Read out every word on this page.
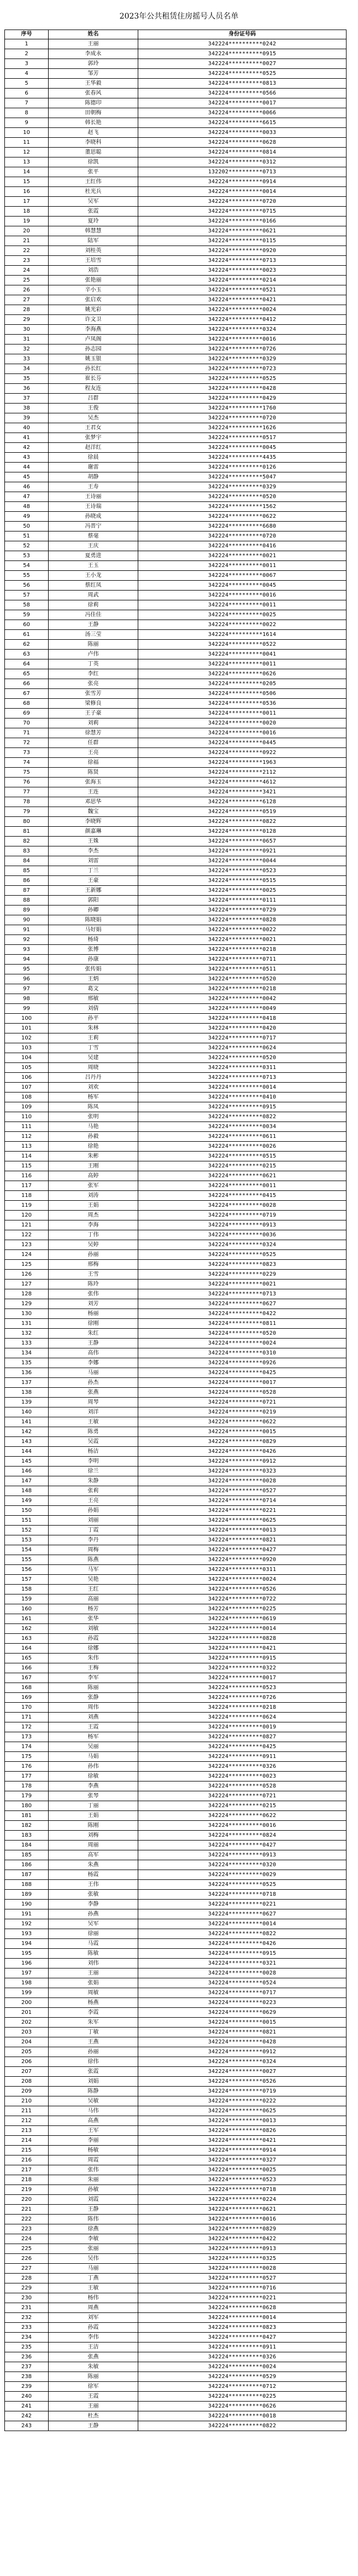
2023年公共租赁住房摇号人员名单
序号	姓名	身份证号码
1	王丽	342224**********0242
2	李成永	342224**********0915
3	郭玲	342224**********0027
4	邹芳	342224**********0525
5	王华毅	342224**********0813
6	张春风	342224**********0566
7	陈德印	342224**********0017
8	田朝梅	342224**********0066
9	韩长艳	342224**********6615
10	赵飞	342224**********0033
11	李晓科	342224**********0628
12	董思聪	342224**********0814
13	徐凯	342224**********0312
14	张平	132202**********0713
15	王红伟	342224**********0914
16	杜光兵	342224**********0014
17	吴军	342224**********0720
18	张霞	342224**********0715
19	夏玲	342224**********0166
20	韩慧慧	342224**********0621
21	陆军	342224**********0115
22	刘桂英	342224**********0920
23	王培雪	342224**********0713
24	刘浩	342224**********0023
25	张艳丽	342224**********0214
26	辛小玉	342224**********0521
27	张启欢	342224**********0421
28	姚光彩	342224**********0024
29	许文卫	342224**********0412
30	李海燕	342224**********0324
31	卢凤阁	342224**********0016
32	孙志园	342224**********0726
33	姚玉银	342224**********0329
34	孙长红	342224**********0723
35	崔长芬	342224**********0525
36	程友连	342224**********0428
37	吕群	342224**********0429
38	王俊	342224**********1760
39	吴杰	342224**********0720
40	王君女	342224**********1626
41	张梦宇	342224**********0517
42	赵洋红	342224**********0045
43	徐晨	342224**********4435
44	谢雷	342224**********0126
45	胡静	342224**********5047
46	王寿	342224**********0329
47	王诗丽	342224**********0520
48	王诗瑞	342224**********1562
49	孙晓成	342224**********0622
50	冯晋宁	342224**********6680
51	蔡毫	342224**********0720
52	王庆	342224**********0416
53	夏勇进	342224**********0021
54	王玉	342224**********0011
55	王小龙	342224**********0067
56	蔡红凤	342224**********0045
57	周武	342224**********0016
58	徐莉	342224**********0011
59	冯佳佳	342224**********0025
60	王静	342224**********0022
61	汤三莹	342224**********1614
62	陈丽	342224**********0522
63	卢伟	342224**********0041
64	丁英	342224**********0011
65	李红	342224**********0626
66	张亮	342224**********0205
67	张雪芳	342224**********0506
68	梁修良	342224**********0536
69	王子豪	342224**********0011
70	刘莉	342224**********0020
71	徐慧芳	342224**********0016
72	任群	342224**********0445
73	王亮	342224**********0922
74	徐福	342224**********1963
75	陈贤	342224**********2112
76	张海玉	342224**********4612
77	王连	342224**********3421
78	邓思华	342224**********6128
79	魏宝	342224**********0519
80	李晓辉	342224**********0822
81	颜嘉琳	342224**********0128
82	王姝	342224**********0657
83	李杰	342224**********0921
84	刘雷	342224**********0044
85	丁兰	342224**********0523
86	王豪	342224**********0515
87	王新娜	342224**********0025
88	郭阳	342224**********0111
89	孙卿	342224**********0729
90	陈晓娟	342224**********0828
91	马好娟	342224**********0022
92	杨琦	342224**********0021
93	张博	342224**********0218
94	孙康	342224**********0711
95	张传娟	342224**********0511
96	王炳	342224**********0520
97	葛文	342224**********0218
98	邢敏	342224**********0042
99	刘倩	342224**********0049
100	孙平	342224**********0418
101	朱林	342224**********0420
102	王莉	342224**********0717
103	丁雪	342224**********0624
104	吴建	342224**********0520
105	周晓	342224**********0311
106	吕丹丹	342224**********0713
107	刘欢	342224**********0014
108	杨军	342224**********0410
109	陈凤	342224**********0915
110	张明	342224**********0822
111	马艳	342224**********0034
112	孙毅	342224**********0611
113	徐艳	342224**********0026
114	朱彬	342224**********0515
115	王刚	342224**********0215
116	高婷	342224**********0621
117	张军	342224**********0011
118	刘涛	342224**********0415
119	王娟	342224**********0028
120	周杰	342224**********0719
121	李海	342224**********0913
122	丁伟	342224**********0036
123	吴婷	342224**********0324
124	孙丽	342224**********0525
125	邢梅	342224**********0823
126	王雪	342224**********0229
127	陈玲	342224**********0021
128	张伟	342224**********0713
129	刘芳	342224**********0627
130	杨丽	342224**********0422
131	徐刚	342224**********0811
132	朱红	342224**********0520
133	王静	342224**********0024
134	高伟	342224**********0310
135	李娜	342224**********0926
136	马丽	342224**********0425
137	孙杰	342224**********0017
138	张燕	342224**********0528
139	周琴	342224**********0721
140	刘洋	342224**********0219
141	王敏	342224**********0622
142	陈勇	342224**********0015
143	吴霞	342224**********0829
144	杨洁	342224**********0426
145	李明	342224**********0912
146	徐兰	342224**********0323
147	朱静	342224**********0028
148	张莉	342224**********0527
149	王亮	342224**********0714
150	孙娟	342224**********0221
151	刘丽	342224**********0625
152	丁霞	342224**********0013
153	李丹	342224**********0821
154	周梅	342224**********0427
155	陈燕	342224**********0920
156	马军	342224**********0311
157	吴艳	342224**********0024
158	王红	342224**********0526
159	高丽	342224**********0722
160	杨芳	342224**********0225
161	张华	342224**********0619
162	刘敏	342224**********0014
163	孙霞	342224**********0828
164	徐娜	342224**********0421
165	朱伟	342224**********0915
166	王梅	342224**********0322
167	李军	342224**********0017
168	陈丽	342224**********0523
169	张静	342224**********0726
170	周伟	342224**********0218
171	刘燕	342224**********0624
172	王霞	342224**********0019
173	杨军	342224**********0827
174	吴丽	342224**********0425
175	马娟	342224**********0911
176	孙伟	342224**********0326
177	徐敏	342224**********0023
178	李燕	342224**********0528
179	张琴	342224**********0721
180	丁丽	342224**********0215
181	王娟	342224**********0622
182	陈刚	342224**********0016
183	刘梅	342224**********0824
184	周丽	342224**********0427
185	高军	342224**********0913
186	朱燕	342224**********0320
187	杨霞	342224**********0029
188	王伟	342224**********0525
189	张敏	342224**********0718
190	李静	342224**********0221
191	孙燕	342224**********0627
192	吴军	342224**********0014
193	徐丽	342224**********0822
194	马霞	342224**********0426
195	陈敏	342224**********0915
196	刘伟	342224**********0321
197	王丽	342224**********0028
198	张娟	342224**********0524
199	周敏	342224**********0717
200	杨燕	342224**********0223
201	李霞	342224**********0629
202	朱军	342224**********0015
203	丁敏	342224**********0821
204	王燕	342224**********0428
205	孙丽	342224**********0912
206	徐伟	342224**********0324
207	张霞	342224**********0027
208	刘娟	342224**********0526
209	陈静	342224**********0719
210	吴敏	342224**********0222
211	马伟	342224**********0625
212	高燕	342224**********0013
213	王军	342224**********0826
214	李丽	342224**********0421
215	杨敏	342224**********0914
216	周霞	342224**********0327
217	张伟	342224**********0025
218	朱丽	342224**********0523
219	孙敏	342224**********0718
220	刘霞	342224**********0224
221	王静	342224**********0621
222	陈伟	342224**********0016
223	徐燕	342224**********0829
224	李敏	342224**********0422
225	张丽	342224**********0913
226	吴伟	342224**********0325
227	马丽	342224**********0028
228	丁燕	342224**********0527
229	王敏	342224**********0716
230	杨伟	342224**********0221
231	周燕	342224**********0628
232	刘军	342224**********0014
233	孙霞	342224**********0823
234	李伟	342224**********0427
235	王洁	342224**********0911
236	张燕	342224**********0326
237	朱敏	342224**********0024
238	陈丽	342224**********0529
239	徐军	342224**********0712
240	王霞	342224**********0225
241	王丽	342224**********0626
242	杜杰	342224**********0018
243	王静	342224**********0822
